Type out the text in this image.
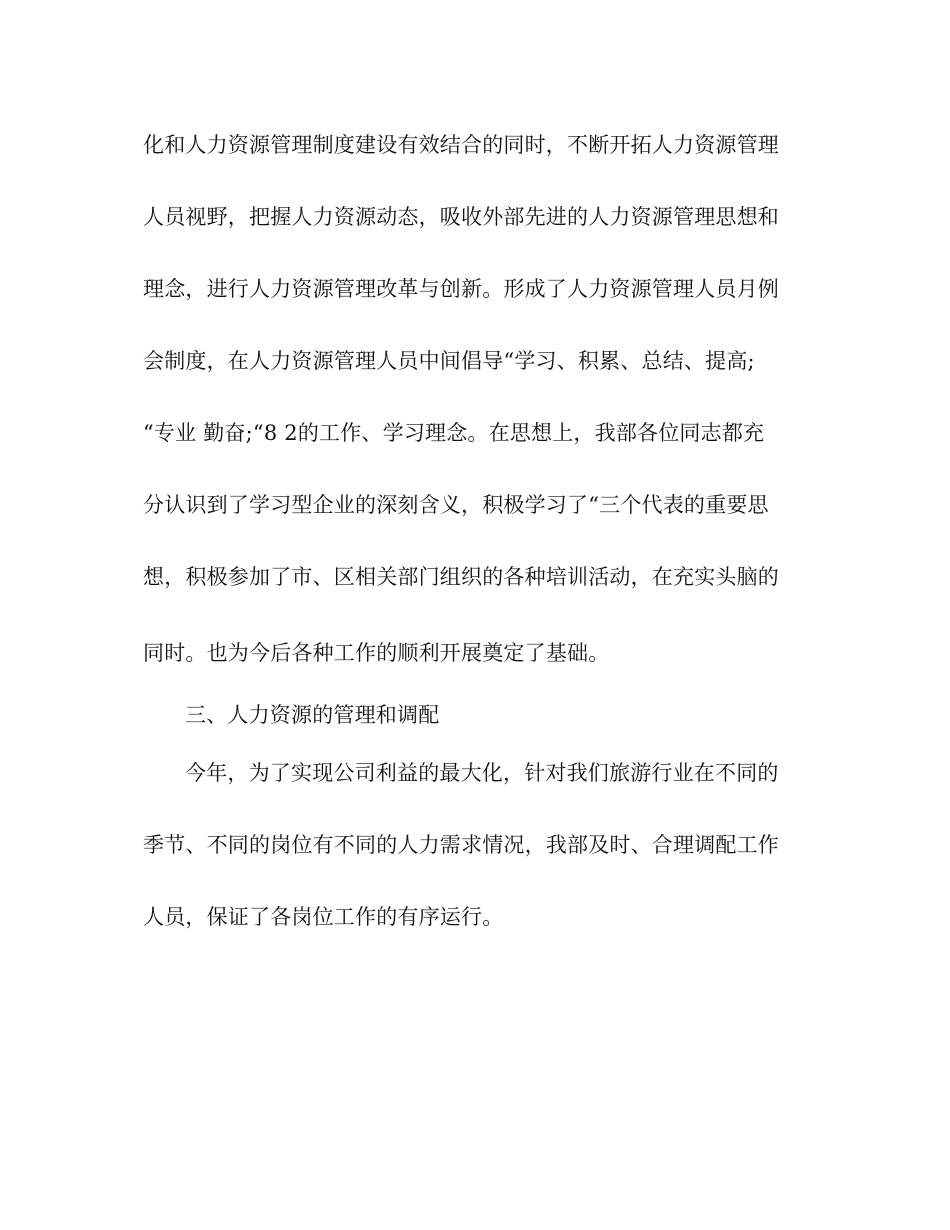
化和人力资源管理制度建设有效结合的同时，不断开拓人力资源管理

人员视野，把握人力资源动态，吸收外部先进的人力资源管理思想和

理念，进行人力资源管理改革与创新。形成了人力资源管理人员月例

会制度，在人力资源管理人员中间倡导“学习、积累、总结、提高;

“专业 勤奋;“8 2的工作、学习理念。在思想上，我部各位同志都充

分认识到了学习型企业的深刻含义，积极学习了“三个代表的重要思

想，积极参加了市、区相关部门组织的各种培训活动，在充实头脑的

同时。也为今后各种工作的顺利开展奠定了基础。

三、人力资源的管理和调配

今年，为了实现公司利益的最大化，针对我们旅游行业在不同的

季节、不同的岗位有不同的人力需求情况，我部及时、合理调配工作

人员，保证了各岗位工作的有序运行。
